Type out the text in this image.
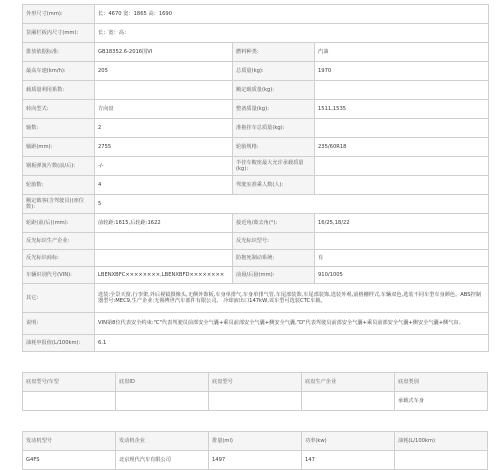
外形尺寸(mm):	长：4670 宽：1865 高：1690		
货厢栏板内尺寸(mm):	长：宽：高：		
排放依据标准:	GB18352.6-2016国VI	燃料种类:	汽油
最高车速(km/h):	205	总质量(kg):	1970
载质量利用系数:		额定载质量(kg):	
转向型式:	方向盘	整备质量(kg):	1511,1535
轴数:	2	准拖挂车总质量(kg):	
轴距(mm):	2755	轮胎规格:	235/60R18
钢板弹簧片数(前/后):	-/-	半挂车鞍座最大允许承载质量(kg):	
轮胎数:	4	驾驶室准乘人数(人):	
额定载客(含驾驶员)(座位数):	5		
轮距(前/后)(mm):	前轮距:1615,后轮距:1622	接近角/离去角(°):	16/25,18/22
反光标识生产企业:		反光标识型号:	
反光标识商标:		防抱死制动系统:	有
车辆识别代号(VIN):	LBENXBFC××××××××,LBENXBFD××××××××	前悬/后悬(mm):	910/1005
其它:	选装:全景天窗,行李架,外后视镜摄像头,无侧外饰板,车身单排气,车身单排气管,车尾部装饰,车尾部装饰,选装外观,前格栅样式,车辆双色,选装不同车型车身颜色。ABS控制器型号:MEC9,生产企业:无锡博世汽车部件有限公司。 冷却液出口147kW,该车型可选装CTC车载。		
说明:	VIN第8位代表安全约束:"C"代表驾驶员前部安全气囊+乘员前部安全气囊+侧安全气囊,"D"代表驾驶员前部安全气囊+乘员前部安全气囊+侧安全气囊+侧气帘。		
油耗申报值(L/100km):	6.1		
底盘型号/车型	底盘ID	底盘型号	底盘生产企业	底盘类别
				承载式车身
发动机型号	发动机企业	排量(ml)	功率(kw)	油耗(L/100km)
G4FS	北京现代汽车有限公司	1497	147	
